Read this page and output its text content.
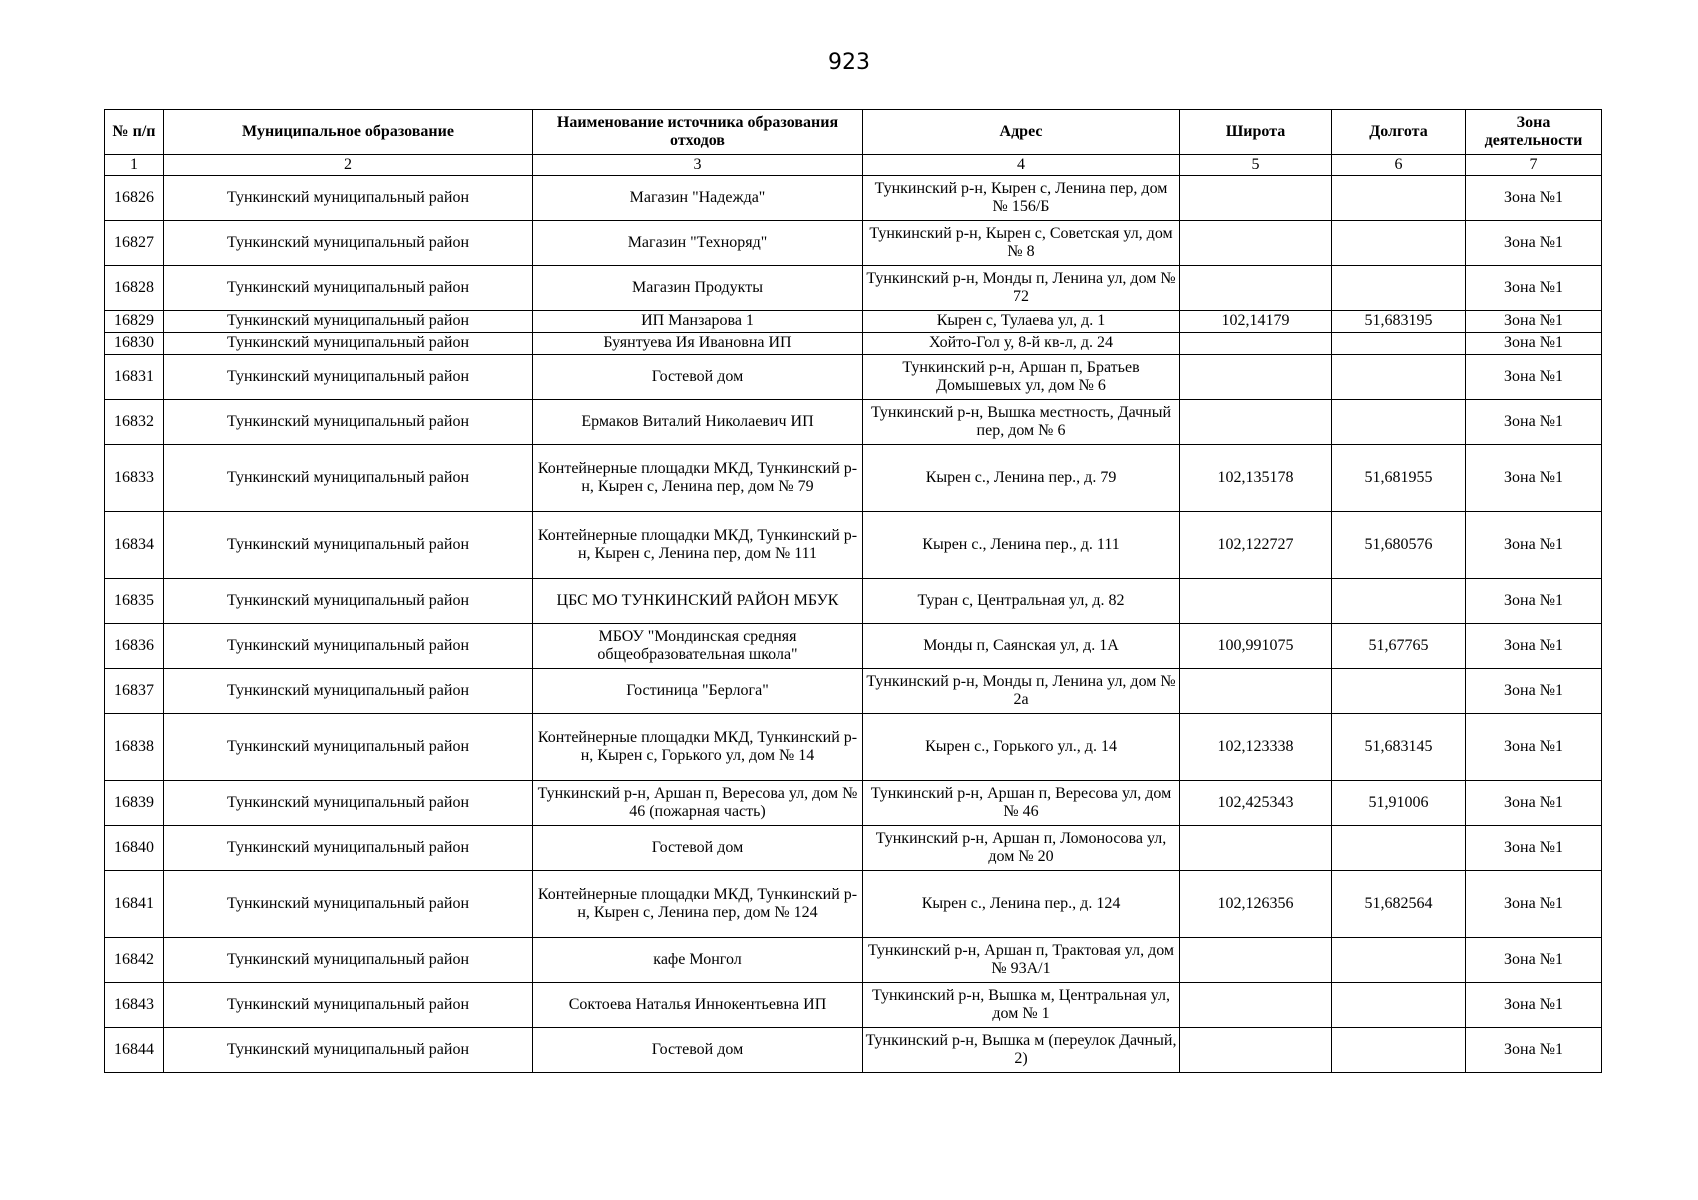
923
№ п/п	Муниципальное образование	Наименование источника образования отходов	Адрес	Широта	Долгота	Зона деятельности
1	2	3	4	5	6	7
16826	Тункинский муниципальный район	Магазин "Надежда"	Тункинский р-н, Кырен с, Ленина пер, дом № 156/Б			Зона №1
16827	Тункинский муниципальный район	Магазин "Техноряд"	Тункинский р-н, Кырен с, Советская ул, дом № 8			Зона №1
16828	Тункинский муниципальный район	Магазин Продукты	Тункинский р-н, Монды п, Ленина ул, дом № 72			Зона №1
16829	Тункинский муниципальный район	ИП Манзарова 1	Кырен с, Тулаева ул, д. 1	102,14179	51,683195	Зона №1
16830	Тункинский муниципальный район	Буянтуева Ия Ивановна ИП	Хойто-Гол у, 8-й кв-л, д. 24			Зона №1
16831	Тункинский муниципальный район	Гостевой дом	Тункинский р-н, Аршан п, Братьев Домышевых ул, дом № 6			Зона №1
16832	Тункинский муниципальный район	Ермаков Виталий Николаевич ИП	Тункинский р-н, Вышка местность, Дачный пер, дом № 6			Зона №1
16833	Тункинский муниципальный район	Контейнерные площадки МКД, Тункинский р-н, Кырен с, Ленина пер, дом № 79	Кырен с., Ленина пер., д. 79	102,135178	51,681955	Зона №1
16834	Тункинский муниципальный район	Контейнерные площадки МКД, Тункинский р-н, Кырен с, Ленина пер, дом № 111	Кырен с., Ленина пер., д. 111	102,122727	51,680576	Зона №1
16835	Тункинский муниципальный район	ЦБС МО ТУНКИНСКИЙ РАЙОН МБУК	Туран с, Центральная ул, д. 82			Зона №1
16836	Тункинский муниципальный район	МБОУ "Мондинская средняя общеобразовательная школа"	Монды п, Саянская ул, д. 1А	100,991075	51,67765	Зона №1
16837	Тункинский муниципальный район	Гостиница "Берлога"	Тункинский р-н, Монды п, Ленина ул, дом № 2а			Зона №1
16838	Тункинский муниципальный район	Контейнерные площадки МКД, Тункинский р-н, Кырен с, Горького ул, дом № 14	Кырен с., Горького ул., д. 14	102,123338	51,683145	Зона №1
16839	Тункинский муниципальный район	Тункинский р-н, Аршан п, Вересова ул, дом № 46 (пожарная часть)	Тункинский р-н, Аршан п, Вересова ул, дом № 46	102,425343	51,91006	Зона №1
16840	Тункинский муниципальный район	Гостевой дом	Тункинский р-н, Аршан п, Ломоносова ул, дом № 20			Зона №1
16841	Тункинский муниципальный район	Контейнерные площадки МКД, Тункинский р-н, Кырен с, Ленина пер, дом № 124	Кырен с., Ленина пер., д. 124	102,126356	51,682564	Зона №1
16842	Тункинский муниципальный район	кафе Монгол	Тункинский р-н, Аршан п, Трактовая ул, дом № 93А/1			Зона №1
16843	Тункинский муниципальный район	Соктоева Наталья Иннокентьевна ИП	Тункинский р-н, Вышка м, Центральная ул, дом № 1			Зона №1
16844	Тункинский муниципальный район	Гостевой дом	Тункинский р-н, Вышка м (переулок Дачный, 2)			Зона №1
